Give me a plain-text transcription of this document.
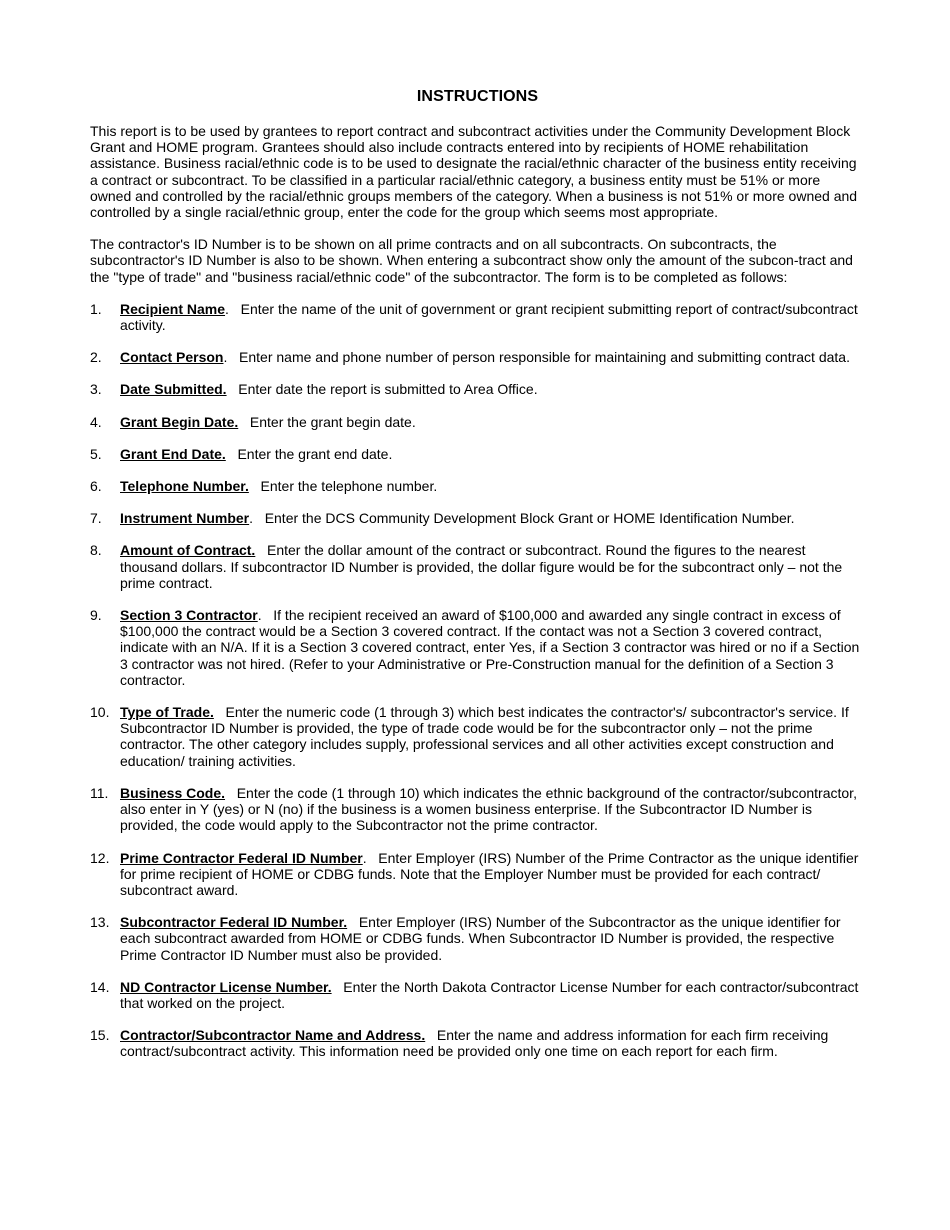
INSTRUCTIONS

This report is to be used by grantees to report contract and subcontract activities under the Community Development Block Grant and HOME program. Grantees should also include contracts entered into by recipients of HOME rehabilitation assistance. Business racial/ethnic code is to be used to designate the racial/ethnic character of the business entity receiving a contract or subcontract. To be classified in a particular racial/ethnic category, a business entity must be 51% or more owned and controlled by the racial/ethnic groups members of the category. When a business is not 51% or more owned and controlled by a single racial/ethnic group, enter the code for the group which seems most appropriate.

The contractor's ID Number is to be shown on all prime contracts and on all subcontracts. On subcontracts, the subcontractor's ID Number is also to be shown. When entering a subcontract show only the amount of the subcon-tract and the "type of trade" and "business racial/ethnic code" of the subcontractor. The form is to be completed as follows:

1. Recipient Name. Enter the name of the unit of government or grant recipient submitting report of contract/subcontract activity.
2. Contact Person. Enter name and phone number of person responsible for maintaining and submitting contract data.
3. Date Submitted. Enter date the report is submitted to Area Office.
4. Grant Begin Date. Enter the grant begin date.
5. Grant End Date. Enter the grant end date.
6. Telephone Number. Enter the telephone number.
7. Instrument Number. Enter the DCS Community Development Block Grant or HOME Identification Number.
8. Amount of Contract. Enter the dollar amount of the contract or subcontract. Round the figures to the nearest thousand dollars. If subcontractor ID Number is provided, the dollar figure would be for the subcontract only – not the prime contract.
9. Section 3 Contractor. If the recipient received an award of $100,000 and awarded any single contract in excess of $100,000 the contract would be a Section 3 covered contract. If the contact was not a Section 3 covered contract, indicate with an N/A. If it is a Section 3 covered contract, enter Yes, if a Section 3 contractor was hired or no if a Section 3 contractor was not hired. (Refer to your Administrative or Pre-Construction manual for the definition of a Section 3 contractor.
10. Type of Trade. Enter the numeric code (1 through 3) which best indicates the contractor's/ subcontractor's service. If Subcontractor ID Number is provided, the type of trade code would be for the subcontractor only – not the prime contractor. The other category includes supply, professional services and all other activities except construction and education/ training activities.
11. Business Code. Enter the code (1 through 10) which indicates the ethnic background of the contractor/subcontractor, also enter in Y (yes) or N (no) if the business is a women business enterprise. If the Subcontractor ID Number is provided, the code would apply to the Subcontractor not the prime contractor.
12. Prime Contractor Federal ID Number. Enter Employer (IRS) Number of the Prime Contractor as the unique identifier for prime recipient of HOME or CDBG funds. Note that the Employer Number must be provided for each contract/ subcontract award.
13. Subcontractor Federal ID Number. Enter Employer (IRS) Number of the Subcontractor as the unique identifier for each subcontract awarded from HOME or CDBG funds. When Subcontractor ID Number is provided, the respective Prime Contractor ID Number must also be provided.
14. ND Contractor License Number. Enter the North Dakota Contractor License Number for each contractor/subcontract that worked on the project.
15. Contractor/Subcontractor Name and Address. Enter the name and address information for each firm receiving contract/subcontract activity. This information need be provided only one time on each report for each firm.
